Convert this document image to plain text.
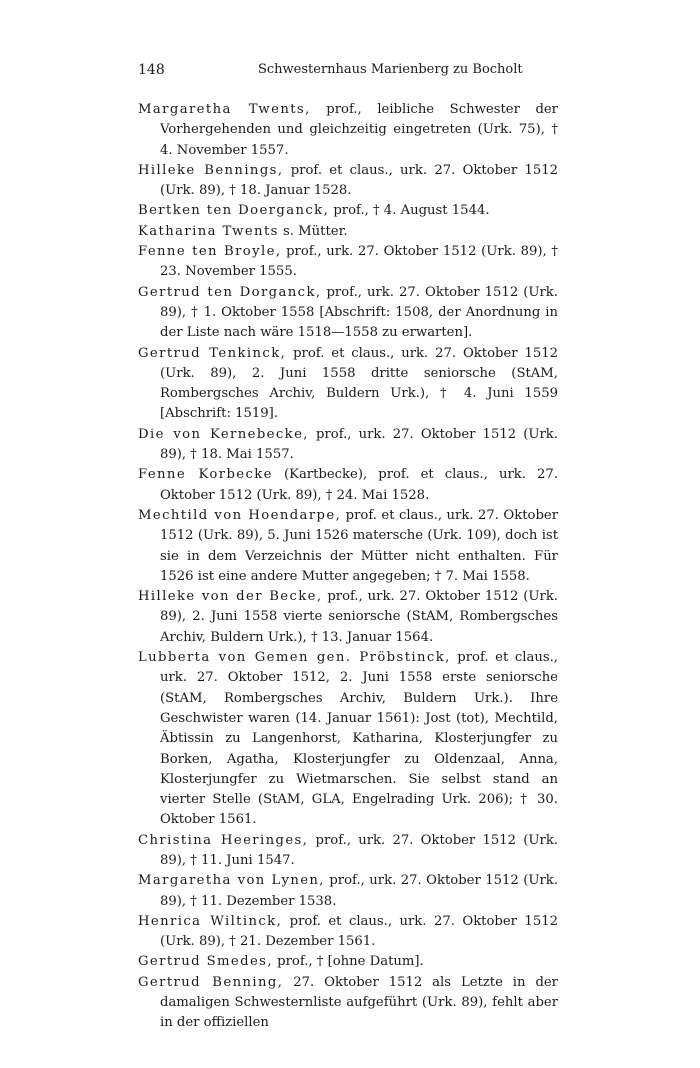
148	Schwesternhaus Marienberg zu Bocholt

Margaretha Twents, prof., leibliche Schwester der Vorhergehenden und gleichzeitig eingetreten (Urk. 75), † 4. November 1557.

Hilleke Bennings, prof. et claus., urk. 27. Oktober 1512 (Urk. 89), † 18. Januar 1528.

Bertken ten Doerganck, prof., † 4. August 1544.

Katharina Twents s. Mütter.

Fenne ten Broyle, prof., urk. 27. Oktober 1512 (Urk. 89), † 23. November 1555.

Gertrud ten Dorganck, prof., urk. 27. Oktober 1512 (Urk. 89), † 1. Oktober 1558 [Abschrift: 1508, der Anordnung in der Liste nach wäre 1518—1558 zu erwarten].

Gertrud Tenkinck, prof. et claus., urk. 27. Oktober 1512 (Urk. 89), 2. Juni 1558 dritte seniorsche (StAM, Rombergsches Archiv, Buldern Urk.), † 4. Juni 1559 [Abschrift: 1519].

Die von Kernebecke, prof., urk. 27. Oktober 1512 (Urk. 89), † 18. Mai 1557.

Fenne Korbecke (Kartbecke), prof. et claus., urk. 27. Oktober 1512 (Urk. 89), † 24. Mai 1528.

Mechtild von Hoendarpe, prof. et claus., urk. 27. Oktober 1512 (Urk. 89), 5. Juni 1526 matersche (Urk. 109), doch ist sie in dem Verzeichnis der Mütter nicht enthalten. Für 1526 ist eine andere Mutter angegeben; † 7. Mai 1558.

Hilleke von der Becke, prof., urk. 27. Oktober 1512 (Urk. 89), 2. Juni 1558 vierte seniorsche (StAM, Rombergsches Archiv, Buldern Urk.), † 13. Januar 1564.

Lubberta von Gemen gen. Pröbstinck, prof. et claus., urk. 27. Oktober 1512, 2. Juni 1558 erste seniorsche (StAM, Rombergsches Archiv, Buldern Urk.). Ihre Geschwister waren (14. Januar 1561): Jost (tot), Mechtild, Äbtissin zu Langenhorst, Katharina, Klosterjungfer zu Borken, Agatha, Klosterjungfer zu Oldenzaal, Anna, Klosterjungfer zu Wietmarschen. Sie selbst stand an vierter Stelle (StAM, GLA, Engelrading Urk. 206); † 30. Oktober 1561.

Christina Heeringes, prof., urk. 27. Oktober 1512 (Urk. 89), † 11. Juni 1547.

Margaretha von Lynen, prof., urk. 27. Oktober 1512 (Urk. 89), † 11. Dezember 1538.

Henrica Wiltinck, prof. et claus., urk. 27. Oktober 1512 (Urk. 89), † 21. Dezember 1561.

Gertrud Smedes, prof., † [ohne Datum].

Gertrud Benning, 27. Oktober 1512 als Letzte in der damaligen Schwesternliste aufgeführt (Urk. 89), fehlt aber in der offiziellen
